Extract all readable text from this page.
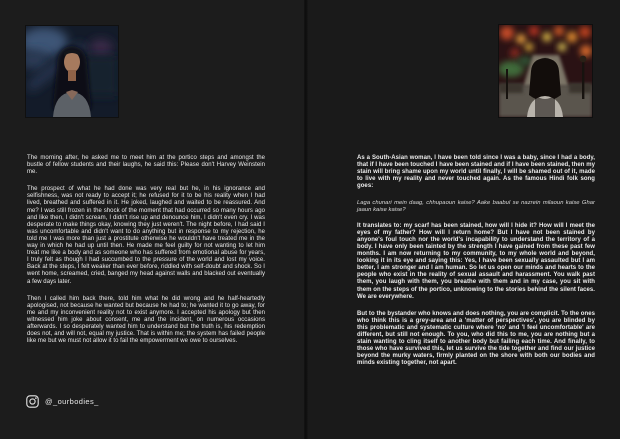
The morning after, he asked me to meet him at the portico steps and amongst the bustle of fellow students and their laughs, he said this: Please don't Harvey Weinstein me.

The prospect of what he had done was very real but he, in his ignorance and selfishness, was not ready to accept it; he refused for it to be his reality when I had lived, breathed and suffered in it. He joked, laughed and waited to be reassured. And me? I was still frozen in the shock of the moment that had occurred so many hours ago and like then, I didn't scream, I didn't rise up and denounce him, I didn't even cry. I was desperate to make things okay, knowing they just weren't. The night before, I had said I was uncomfortable and didn't want to do anything but in response to my rejection, he told me I was more than just a prostitute otherwise he wouldn't have treated me in the way in which he had up until then. He made me feel guilty for not wanting to let him treat me like a body and as someone who has suffered from emotional abuse for years, I truly felt as though I had succumbed to the pressure of the world and lost my voice. Back at the steps, I felt weaker than ever before, riddled with self-doubt and shock. So I went home, screamed, cried, banged my head against walls and blacked out eventually a few days later.

Then I called him back there, told him what he did wrong and he half-heartedly apologised, not because he wanted but because he had to; he wanted it to go away, for me and my inconvenient reality not to exist anymore. I accepted his apology but then witnessed him joke about consent, me and the incident, on numerous occasions afterwards. I so desperately wanted him to understand but the truth is, his redemption does not, and will not, equal my justice. That is within me; the system has failed people like me but we must not allow it to fail the empowerment we owe to ourselves.

@_ourbodies_

As a South-Asian woman, I have been told since I was a baby, since I had a body, that if I have been touched I have been stained and if I have been stained, then my stain will bring shame upon my world until finally, I will be shamed out of it, made to live with my reality and never touched again. As the famous Hindi folk song goes:

Laga chunari mein daag, chhupaoun kaise? Aake baabul se nazrein milaoun kaise Ghar jaaun kaise kaise?

It translates to: my scarf has been stained, how will I hide it? How will I meet the eyes of my father? How will I return home? But I have not been stained by anyone's foul touch nor the world's incapability to understand the territory of a body. I have only been tainted by the strength I have gained from these past few months. I am now returning to my community, to my whole world and beyond, looking it in its eye and saying this: Yes, I have been sexually assaulted but I am better, I am stronger and I am human. So let us open our minds and hearts to the people who exist in the reality of sexual assault and harassment. You walk past them, you laugh with them, you breathe with them and in my case, you sit with them on the steps of the portico, unknowing to the stories behind the silent faces. We are everywhere.

But to the bystander who knows and does nothing, you are complicit. To the ones who think this is a grey-area and a 'matter of perspectives', you are blinded by this problematic and systematic culture where 'no' and 'I feel uncomfortable' are different, but still not enough. To you, who did this to me, you are nothing but a stain wanting to cling itself to another body but failing each time. And finally, to those who have survived this, let us survive the tide together and find our justice beyond the murky waters, firmly planted on the shore with both our bodies and minds existing together, not apart.
